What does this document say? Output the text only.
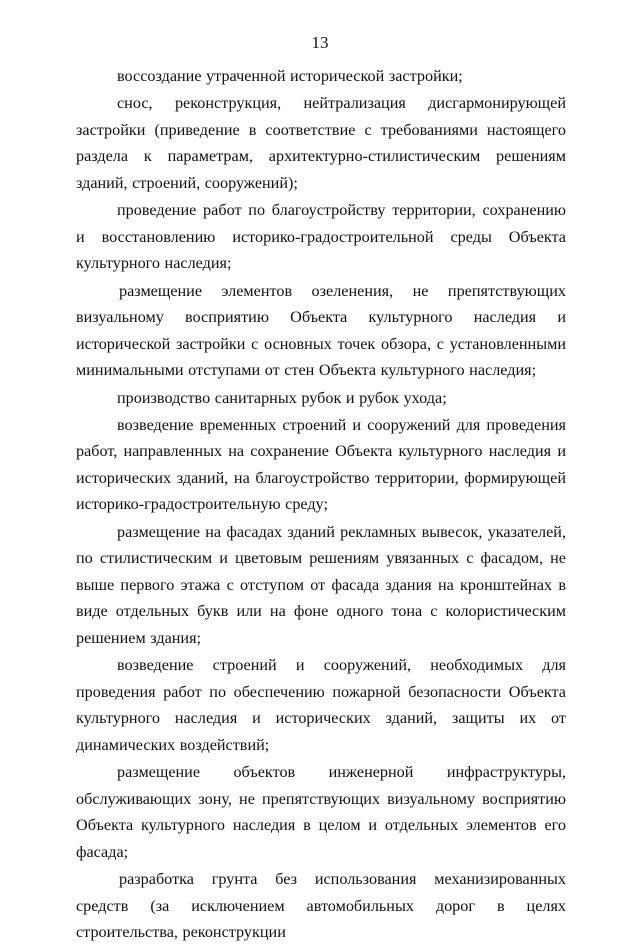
13

воссоздание утраченной исторической застройки;

снос, реконструкция, нейтрализация дисгармонирующей застройки (приведение в соответствие с требованиями настоящего раздела к параметрам, архитектурно-стилистическим решениям зданий, строений, сооружений);

проведение работ по благоустройству территории, сохранению и восстановлению историко-градостроительной среды Объекта культурного наследия;

размещение элементов озеленения, не препятствующих визуальному восприятию Объекта культурного наследия и исторической застройки с основных точек обзора, с установленными минимальными отступами от стен Объекта культурного наследия;

производство санитарных рубок и рубок ухода;

возведение временных строений и сооружений для проведения работ, направленных на сохранение Объекта культурного наследия и исторических зданий, на благоустройство территории, формирующей историко-градостроительную среду;

размещение на фасадах зданий рекламных вывесок, указателей, по стилистическим и цветовым решениям увязанных с фасадом, не выше первого этажа с отступом от фасада здания на кронштейнах в виде отдельных букв или на фоне одного тона с колористическим решением здания;

возведение строений и сооружений, необходимых для проведения работ по обеспечению пожарной безопасности Объекта культурного наследия и исторических зданий, защиты их от динамических воздействий;

размещение объектов инженерной инфраструктуры, обслуживающих зону, не препятствующих визуальному восприятию Объекта культурного наследия в целом и отдельных элементов его фасада;

разработка грунта без использования механизированных средств (за исключением автомобильных дорог в целях строительства, реконструкции
